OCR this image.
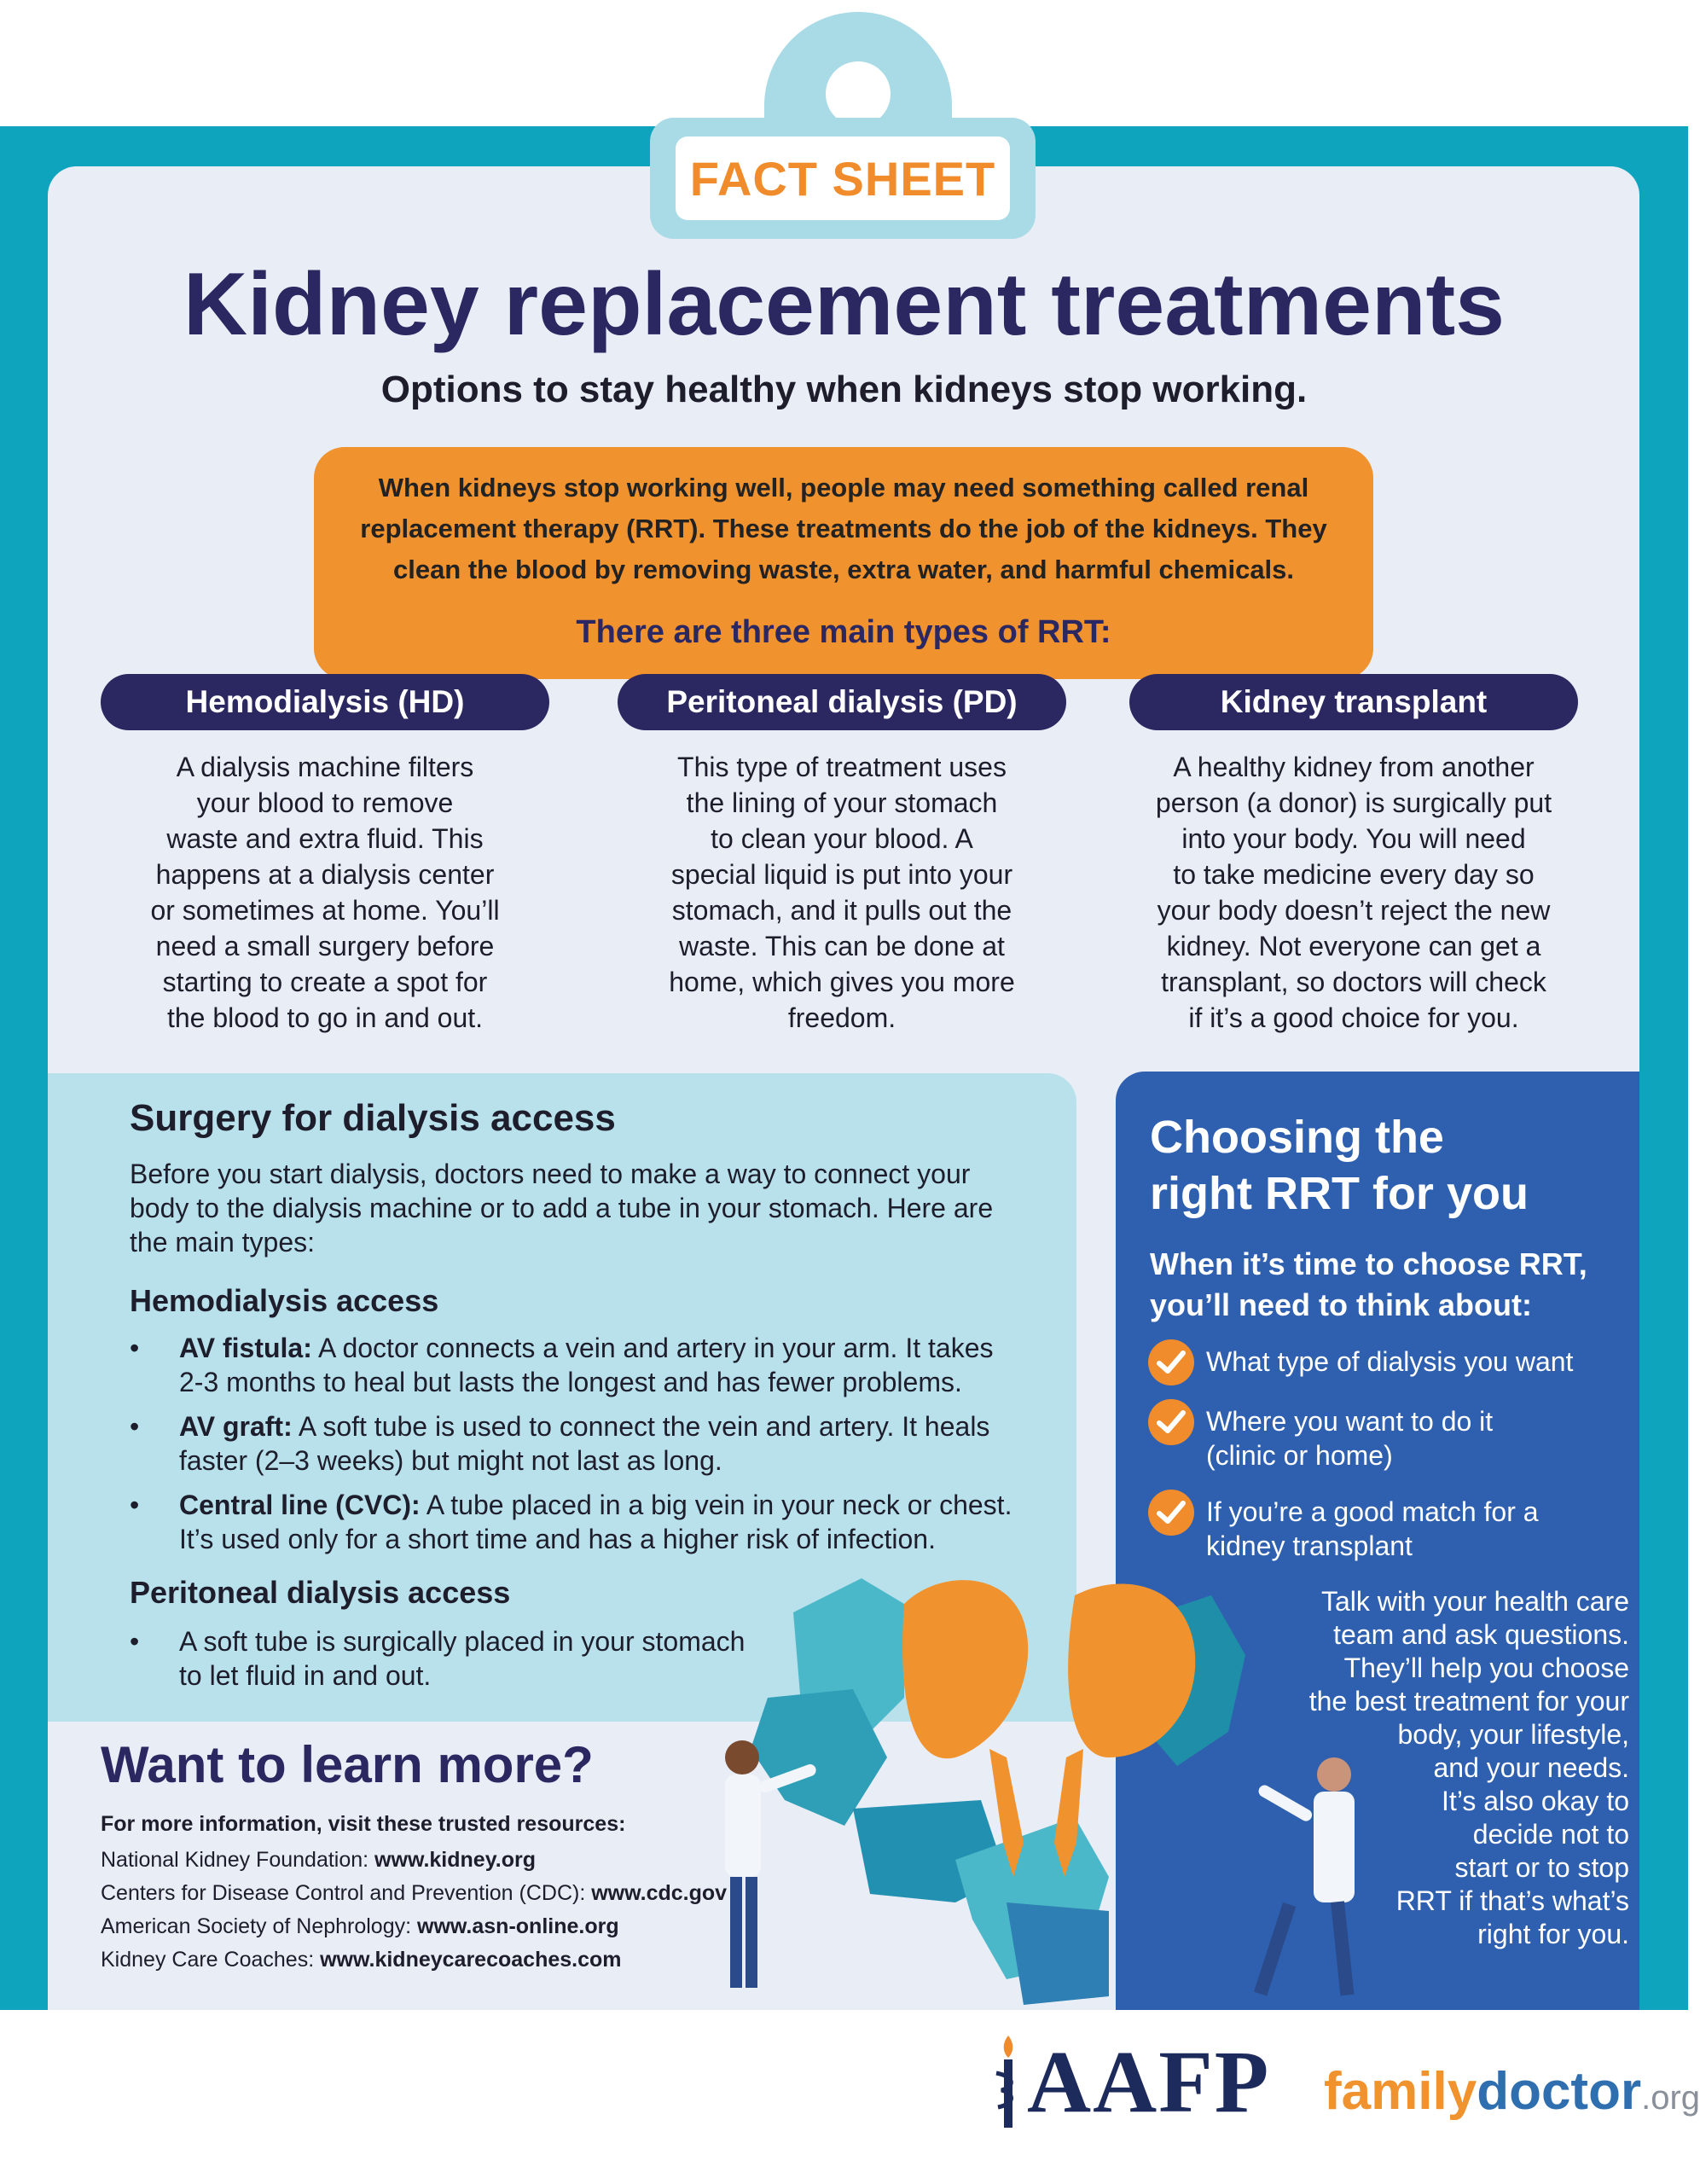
FACT SHEET
Kidney replacement treatments
Options to stay healthy when kidneys stop working.
When kidneys stop working well, people may need something called renal
replacement therapy (RRT). These treatments do the job of the kidneys. They
clean the blood by removing waste, extra water, and harmful chemicals.
There are three main types of RRT:
Hemodialysis (HD)	Peritoneal dialysis (PD)	Kidney transplant
A dialysis machine filters
your blood to remove
waste and extra fluid. This
happens at a dialysis center
or sometimes at home. You’ll
need a small surgery before
starting to create a spot for
the blood to go in and out.
This type of treatment uses
the lining of your stomach
to clean your blood. A
special liquid is put into your
stomach, and it pulls out the
waste. This can be done at
home, which gives you more
freedom.
A healthy kidney from another
person (a donor) is surgically put
into your body. You will need
to take medicine every day so
your body doesn’t reject the new
kidney. Not everyone can get a
transplant, so doctors will check
if it’s a good choice for you.
Surgery for dialysis access
Before you start dialysis, doctors need to make a way to connect your
body to the dialysis machine or to add a tube in your stomach. Here are
the main types:
Hemodialysis access
•	AV fistula: A doctor connects a vein and artery in your arm. It takes
2-3 months to heal but lasts the longest and has fewer problems.
•	AV graft: A soft tube is used to connect the vein and artery. It heals
faster (2–3 weeks) but might not last as long.
•	Central line (CVC): A tube placed in a big vein in your neck or chest.
It’s used only for a short time and has a higher risk of infection.
Peritoneal dialysis access
•	A soft tube is surgically placed in your stomach
to let fluid in and out.
Choosing the
right RRT for you
When it’s time to choose RRT,
you’ll need to think about:
What type of dialysis you want
Where you want to do it
(clinic or home)
If you’re a good match for a
kidney transplant
Talk with your health care
team and ask questions.
They’ll help you choose
the best treatment for your
body, your lifestyle,
and your needs.
It’s also okay to
decide not to
start or to stop
RRT if that’s what’s
right for you.
Want to learn more?
For more information, visit these trusted resources:
National Kidney Foundation: www.kidney.org
Centers for Disease Control and Prevention (CDC): www.cdc.gov
American Society of Nephrology: www.asn-online.org
Kidney Care Coaches: www.kidneycarecoaches.com
AAFP familydoctor.org
